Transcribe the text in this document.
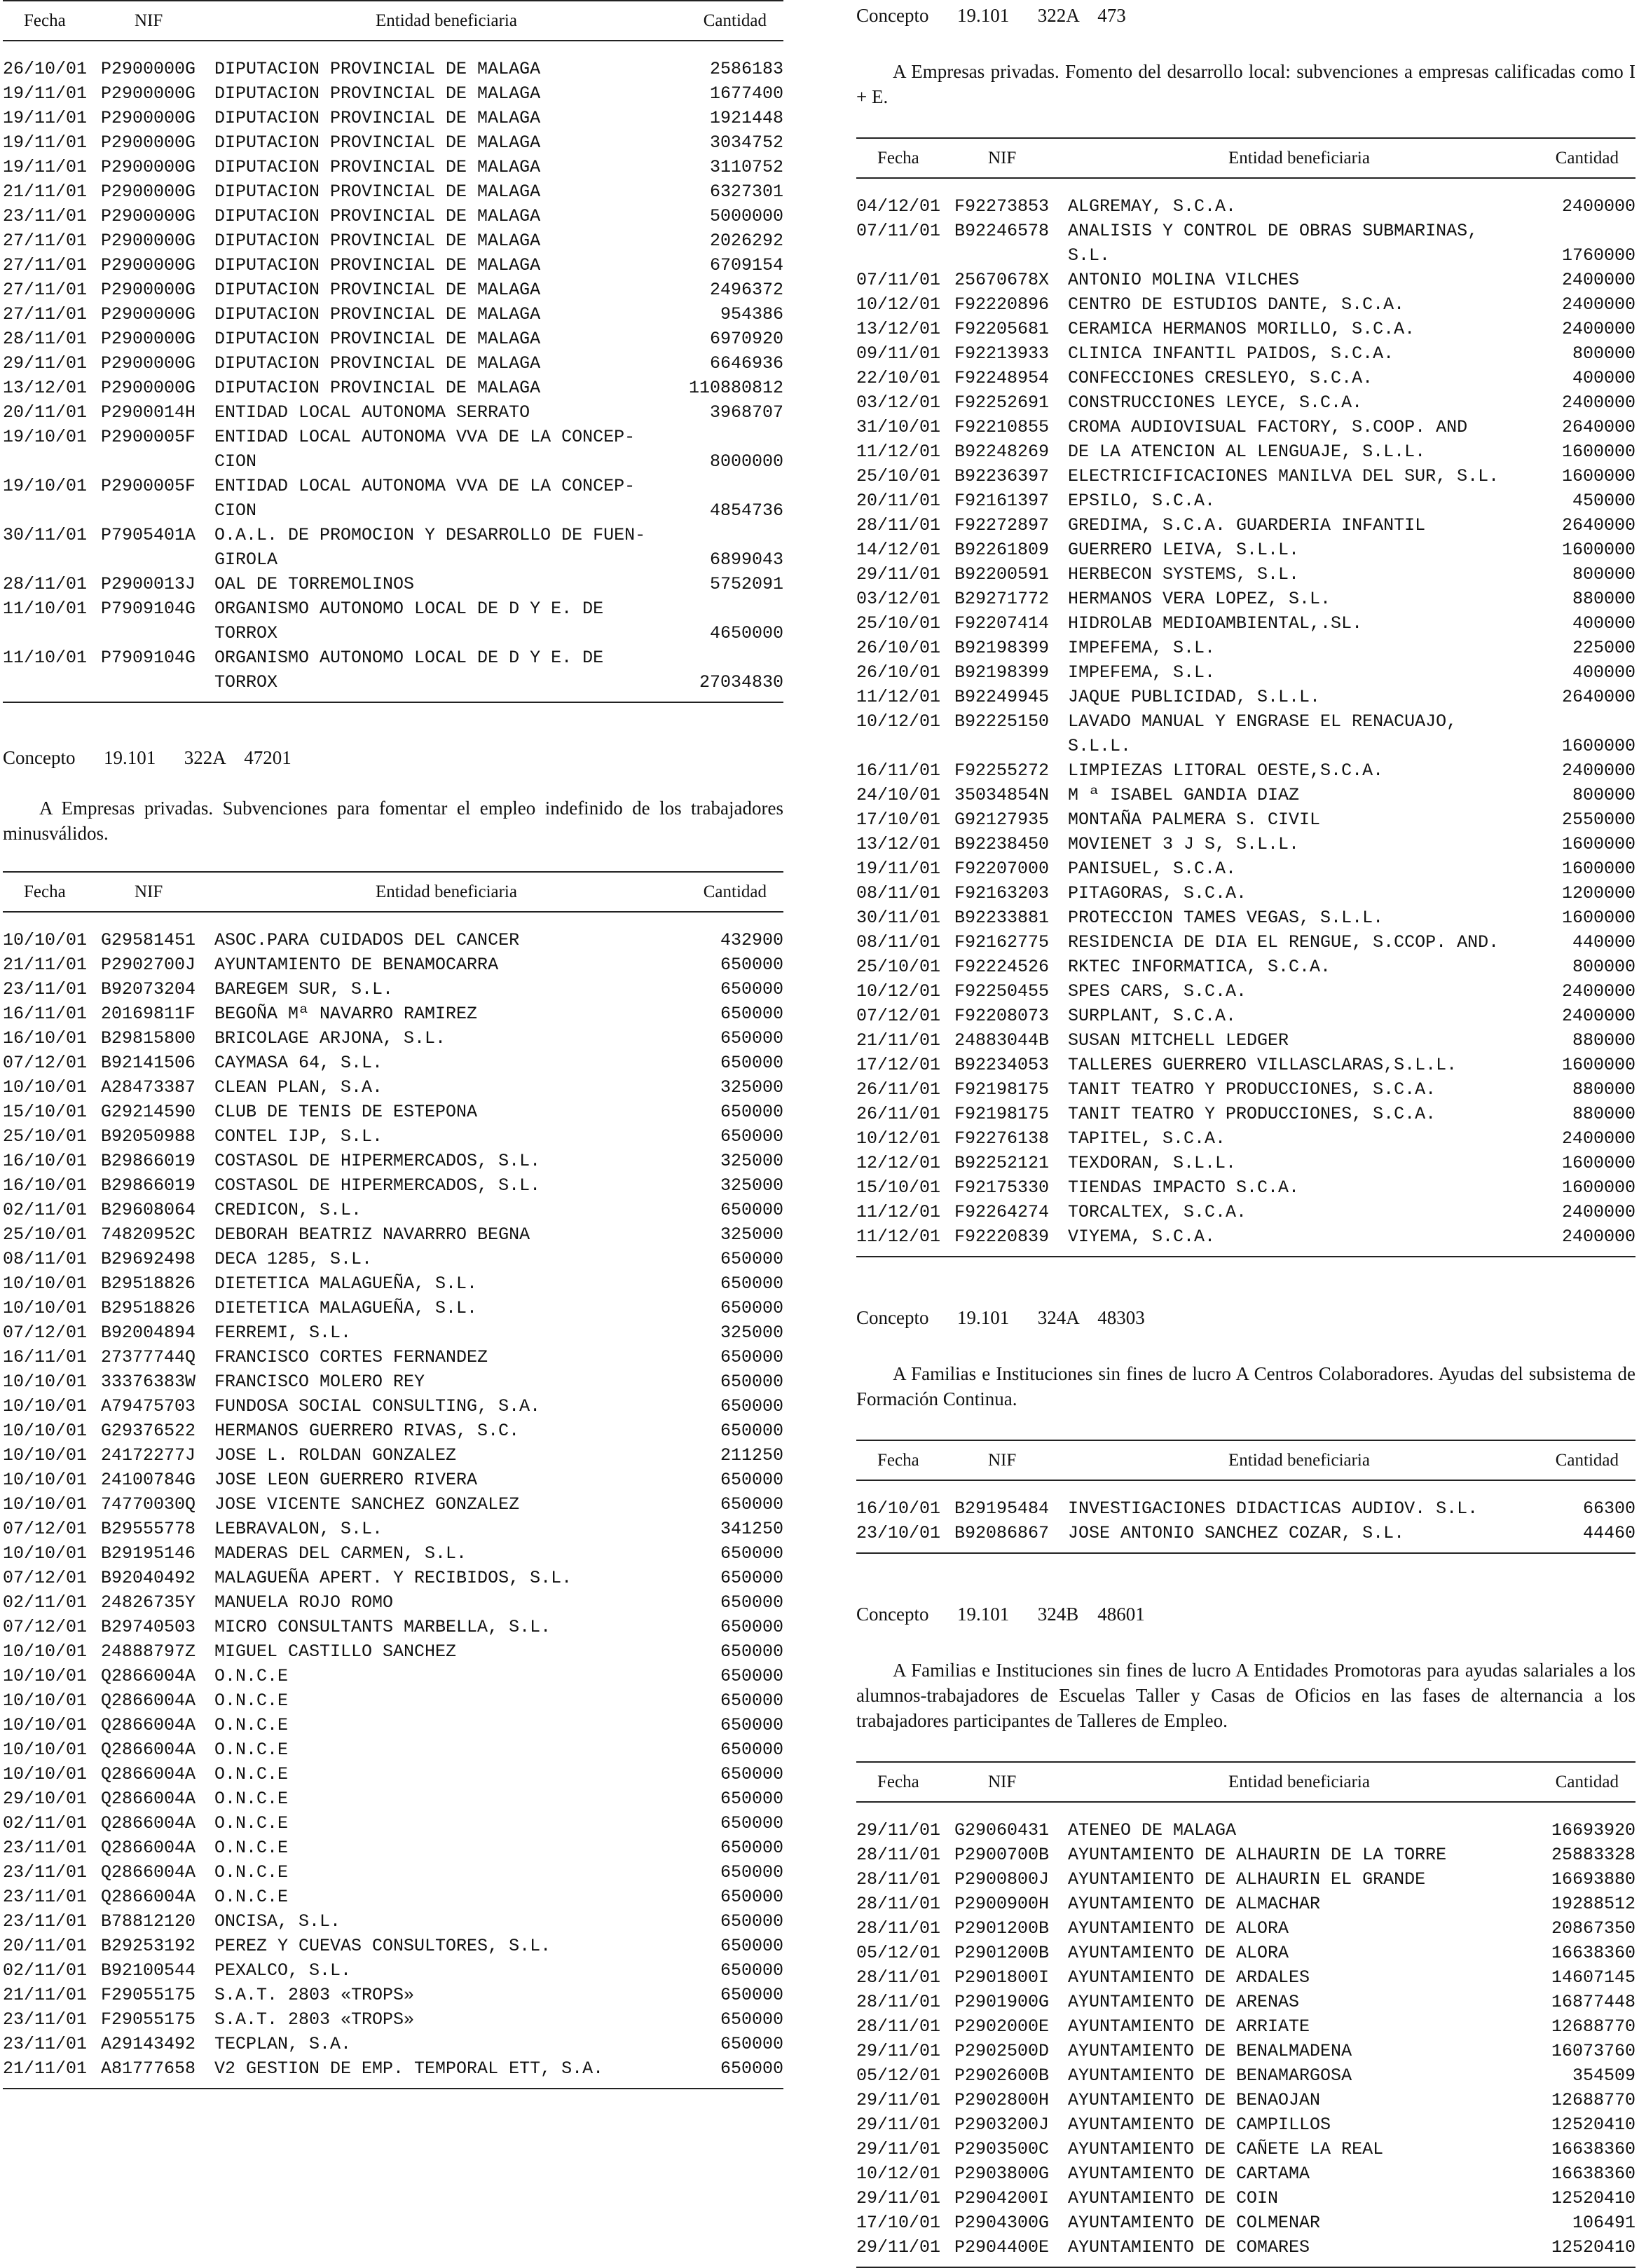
Fecha	NIF	Entidad beneficiaria	Cantidad
26/10/01	P2900000G	DIPUTACION PROVINCIAL DE MALAGA	2586183
19/11/01	P2900000G	DIPUTACION PROVINCIAL DE MALAGA	1677400
19/11/01	P2900000G	DIPUTACION PROVINCIAL DE MALAGA	1921448
19/11/01	P2900000G	DIPUTACION PROVINCIAL DE MALAGA	3034752
19/11/01	P2900000G	DIPUTACION PROVINCIAL DE MALAGA	3110752
21/11/01	P2900000G	DIPUTACION PROVINCIAL DE MALAGA	6327301
23/11/01	P2900000G	DIPUTACION PROVINCIAL DE MALAGA	5000000
27/11/01	P2900000G	DIPUTACION PROVINCIAL DE MALAGA	2026292
27/11/01	P2900000G	DIPUTACION PROVINCIAL DE MALAGA	6709154
27/11/01	P2900000G	DIPUTACION PROVINCIAL DE MALAGA	2496372
27/11/01	P2900000G	DIPUTACION PROVINCIAL DE MALAGA	954386
28/11/01	P2900000G	DIPUTACION PROVINCIAL DE MALAGA	6970920
29/11/01	P2900000G	DIPUTACION PROVINCIAL DE MALAGA	6646936
13/12/01	P2900000G	DIPUTACION PROVINCIAL DE MALAGA	110880812
20/11/01	P2900014H	ENTIDAD LOCAL AUTONOMA SERRATO	3968707
19/10/01	P2900005F	ENTIDAD LOCAL AUTONOMA VVA DE LA CONCEP-
CION	8000000
19/10/01	P2900005F	ENTIDAD LOCAL AUTONOMA VVA DE LA CONCEP-
CION	4854736
30/11/01	P7905401A	O.A.L. DE PROMOCION Y DESARROLLO DE FUEN-
GIROLA	6899043
28/11/01	P2900013J	OAL DE TORREMOLINOS	5752091
11/10/01	P7909104G	ORGANISMO AUTONOMO LOCAL DE D Y E. DE
TORROX	4650000
11/10/01	P7909104G	ORGANISMO AUTONOMO LOCAL DE D Y E. DE
TORROX	27034830
Concepto 19.101 322A 47201

A Empresas privadas. Subvenciones para fomentar el empleo indefinido de los trabajadores minusválidos.

Fecha	NIF	Entidad beneficiaria	Cantidad
10/10/01	G29581451	ASOC.PARA CUIDADOS DEL CANCER	432900
21/11/01	P2902700J	AYUNTAMIENTO DE BENAMOCARRA	650000
23/11/01	B92073204	BAREGEM SUR, S.L.	650000
16/11/01	20169811F	BEGOÑA Mª NAVARRO RAMIREZ	650000
16/10/01	B29815800	BRICOLAGE ARJONA, S.L.	650000
07/12/01	B92141506	CAYMASA 64, S.L.	650000
10/10/01	A28473387	CLEAN PLAN, S.A.	325000
15/10/01	G29214590	CLUB DE TENIS DE ESTEPONA	650000
25/10/01	B92050988	CONTEL IJP, S.L.	650000
16/10/01	B29866019	COSTASOL DE HIPERMERCADOS, S.L.	325000
16/10/01	B29866019	COSTASOL DE HIPERMERCADOS, S.L.	325000
02/11/01	B29608064	CREDICON, S.L.	650000
25/10/01	74820952C	DEBORAH BEATRIZ NAVARRRO BEGNA	325000
08/11/01	B29692498	DECA 1285, S.L.	650000
10/10/01	B29518826	DIETETICA MALAGUEÑA, S.L.	650000
10/10/01	B29518826	DIETETICA MALAGUEÑA, S.L.	650000
07/12/01	B92004894	FERREMI, S.L.	325000
16/11/01	27377744Q	FRANCISCO CORTES FERNANDEZ	650000
10/10/01	33376383W	FRANCISCO MOLERO REY	650000
10/10/01	A79475703	FUNDOSA SOCIAL CONSULTING, S.A.	650000
10/10/01	G29376522	HERMANOS GUERRERO RIVAS, S.C.	650000
10/10/01	24172277J	JOSE L. ROLDAN GONZALEZ	211250
10/10/01	24100784G	JOSE LEON GUERRERO RIVERA	650000
10/10/01	74770030Q	JOSE VICENTE SANCHEZ GONZALEZ	650000
07/12/01	B29555778	LEBRAVALON, S.L.	341250
10/10/01	B29195146	MADERAS DEL CARMEN, S.L.	650000
07/12/01	B92040492	MALAGUEÑA APERT. Y RECIBIDOS, S.L.	650000
02/11/01	24826735Y	MANUELA ROJO ROMO	650000
07/12/01	B29740503	MICRO CONSULTANTS MARBELLA, S.L.	650000
10/10/01	24888797Z	MIGUEL CASTILLO SANCHEZ	650000
10/10/01	Q2866004A	O.N.C.E	650000
10/10/01	Q2866004A	O.N.C.E	650000
10/10/01	Q2866004A	O.N.C.E	650000
10/10/01	Q2866004A	O.N.C.E	650000
10/10/01	Q2866004A	O.N.C.E	650000
29/10/01	Q2866004A	O.N.C.E	650000
02/11/01	Q2866004A	O.N.C.E	650000
23/11/01	Q2866004A	O.N.C.E	650000
23/11/01	Q2866004A	O.N.C.E	650000
23/11/01	Q2866004A	O.N.C.E	650000
23/11/01	B78812120	ONCISA, S.L.	650000
20/11/01	B29253192	PEREZ Y CUEVAS CONSULTORES, S.L.	650000
02/11/01	B92100544	PEXALCO, S.L.	650000
21/11/01	F29055175	S.A.T. 2803 «TROPS»	650000
23/11/01	F29055175	S.A.T. 2803 «TROPS»	650000
23/11/01	A29143492	TECPLAN, S.A.	650000
21/11/01	A81777658	V2 GESTION DE EMP. TEMPORAL ETT, S.A.	650000
Concepto 19.101 322A 473

A Empresas privadas. Fomento del desarrollo local: subvenciones a empresas calificadas como I + E.

Fecha	NIF	Entidad beneficiaria	Cantidad
04/12/01	F92273853	ALGREMAY, S.C.A.	2400000
07/11/01	B92246578	ANALISIS Y CONTROL DE OBRAS SUBMARINAS, S.L.	1760000
07/11/01	25670678X	ANTONIO MOLINA VILCHES	2400000
10/12/01	F92220896	CENTRO DE ESTUDIOS DANTE, S.C.A.	2400000
13/12/01	F92205681	CERAMICA HERMANOS MORILLO, S.C.A.	2400000
09/11/01	F92213933	CLINICA INFANTIL PAIDOS, S.C.A.	800000
22/10/01	F92248954	CONFECCIONES CRESLEYO, S.C.A.	400000
03/12/01	F92252691	CONSTRUCCIONES LEYCE, S.C.A.	2400000
31/10/01	F92210855	CROMA AUDIOVISUAL FACTORY, S.COOP. AND	2640000
11/12/01	B92248269	DE LA ATENCION AL LENGUAJE, S.L.L.	1600000
25/10/01	B92236397	ELECTRICIFICACIONES MANILVA DEL SUR, S.L.	1600000
20/11/01	F92161397	EPSILO, S.C.A.	450000
28/11/01	F92272897	GREDIMA, S.C.A. GUARDERIA INFANTIL	2640000
14/12/01	B92261809	GUERRERO LEIVA, S.L.L.	1600000
29/11/01	B92200591	HERBECON SYSTEMS, S.L.	800000
03/12/01	B29271772	HERMANOS VERA LOPEZ, S.L.	880000
25/10/01	F92207414	HIDROLAB MEDIOAMBIENTAL,.SL.	400000
26/10/01	B92198399	IMPEFEMA, S.L.	225000
26/10/01	B92198399	IMPEFEMA, S.L.	400000
11/12/01	B92249945	JAQUE PUBLICIDAD, S.L.L.	2640000
10/12/01	B92225150	LAVADO MANUAL Y ENGRASE EL RENACUAJO, S.L.L.	1600000
16/11/01	F92255272	LIMPIEZAS LITORAL OESTE,S.C.A.	2400000
24/10/01	35034854N	M ª ISABEL GANDIA DIAZ	800000
17/10/01	G92127935	MONTAÑA PALMERA S. CIVIL	2550000
13/12/01	B92238450	MOVIENET 3 J S, S.L.L.	1600000
19/11/01	F92207000	PANISUEL, S.C.A.	1600000
08/11/01	F92163203	PITAGORAS, S.C.A.	1200000
30/11/01	B92233881	PROTECCION TAMES VEGAS, S.L.L.	1600000
08/11/01	F92162775	RESIDENCIA DE DIA EL RENGUE, S.CCOP. AND.	440000
25/10/01	F92224526	RKTEC INFORMATICA, S.C.A.	800000
10/12/01	F92250455	SPES CARS, S.C.A.	2400000
07/12/01	F92208073	SURPLANT, S.C.A.	2400000
21/11/01	24883044B	SUSAN MITCHELL LEDGER	880000
17/12/01	B92234053	TALLERES GUERRERO VILLASCLARAS,S.L.L.	1600000
26/11/01	F92198175	TANIT TEATRO Y PRODUCCIONES, S.C.A.	880000
26/11/01	F92198175	TANIT TEATRO Y PRODUCCIONES, S.C.A.	880000
10/12/01	F92276138	TAPITEL, S.C.A.	2400000
12/12/01	B92252121	TEXDORAN, S.L.L.	1600000
15/10/01	F92175330	TIENDAS IMPACTO S.C.A.	1600000
11/12/01	F92264274	TORCALTEX, S.C.A.	2400000
11/12/01	F92220839	VIYEMA, S.C.A.	2400000
Concepto 19.101 324A 48303

A Familias e Instituciones sin fines de lucro A Centros Colaboradores. Ayudas del subsistema de Formación Continua.

Fecha	NIF	Entidad beneficiaria	Cantidad
16/10/01	B29195484	INVESTIGACIONES DIDACTICAS AUDIOV. S.L.	66300
23/10/01	B92086867	JOSE ANTONIO SANCHEZ COZAR, S.L.	44460
Concepto 19.101 324B 48601

A Familias e Instituciones sin fines de lucro A Entidades Promotoras para ayudas salariales a los alumnos-trabajadores de Escuelas Taller y Casas de Oficios en las fases de alternancia a los trabajadores participantes de Talleres de Empleo.

Fecha	NIF	Entidad beneficiaria	Cantidad
29/11/01	G29060431	ATENEO DE MALAGA	16693920
28/11/01	P2900700B	AYUNTAMIENTO DE ALHAURIN DE LA TORRE	25883328
28/11/01	P2900800J	AYUNTAMIENTO DE ALHAURIN EL GRANDE	16693880
28/11/01	P2900900H	AYUNTAMIENTO DE ALMACHAR	19288512
28/11/01	P2901200B	AYUNTAMIENTO DE ALORA	20867350
05/12/01	P2901200B	AYUNTAMIENTO DE ALORA	16638360
28/11/01	P2901800I	AYUNTAMIENTO DE ARDALES	14607145
28/11/01	P2901900G	AYUNTAMIENTO DE ARENAS	16877448
28/11/01	P2902000E	AYUNTAMIENTO DE ARRIATE	12688770
29/11/01	P2902500D	AYUNTAMIENTO DE BENALMADENA	16073760
05/12/01	P2902600B	AYUNTAMIENTO DE BENAMARGOSA	354509
29/11/01	P2902800H	AYUNTAMIENTO DE BENAOJAN	12688770
29/11/01	P2903200J	AYUNTAMIENTO DE CAMPILLOS	12520410
29/11/01	P2903500C	AYUNTAMIENTO DE CAÑETE LA REAL	16638360
10/12/01	P2903800G	AYUNTAMIENTO DE CARTAMA	16638360
29/11/01	P2904200I	AYUNTAMIENTO DE COIN	12520410
17/10/01	P2904300G	AYUNTAMIENTO DE COLMENAR	106491
29/11/01	P2904400E	AYUNTAMIENTO DE COMARES	12520410
